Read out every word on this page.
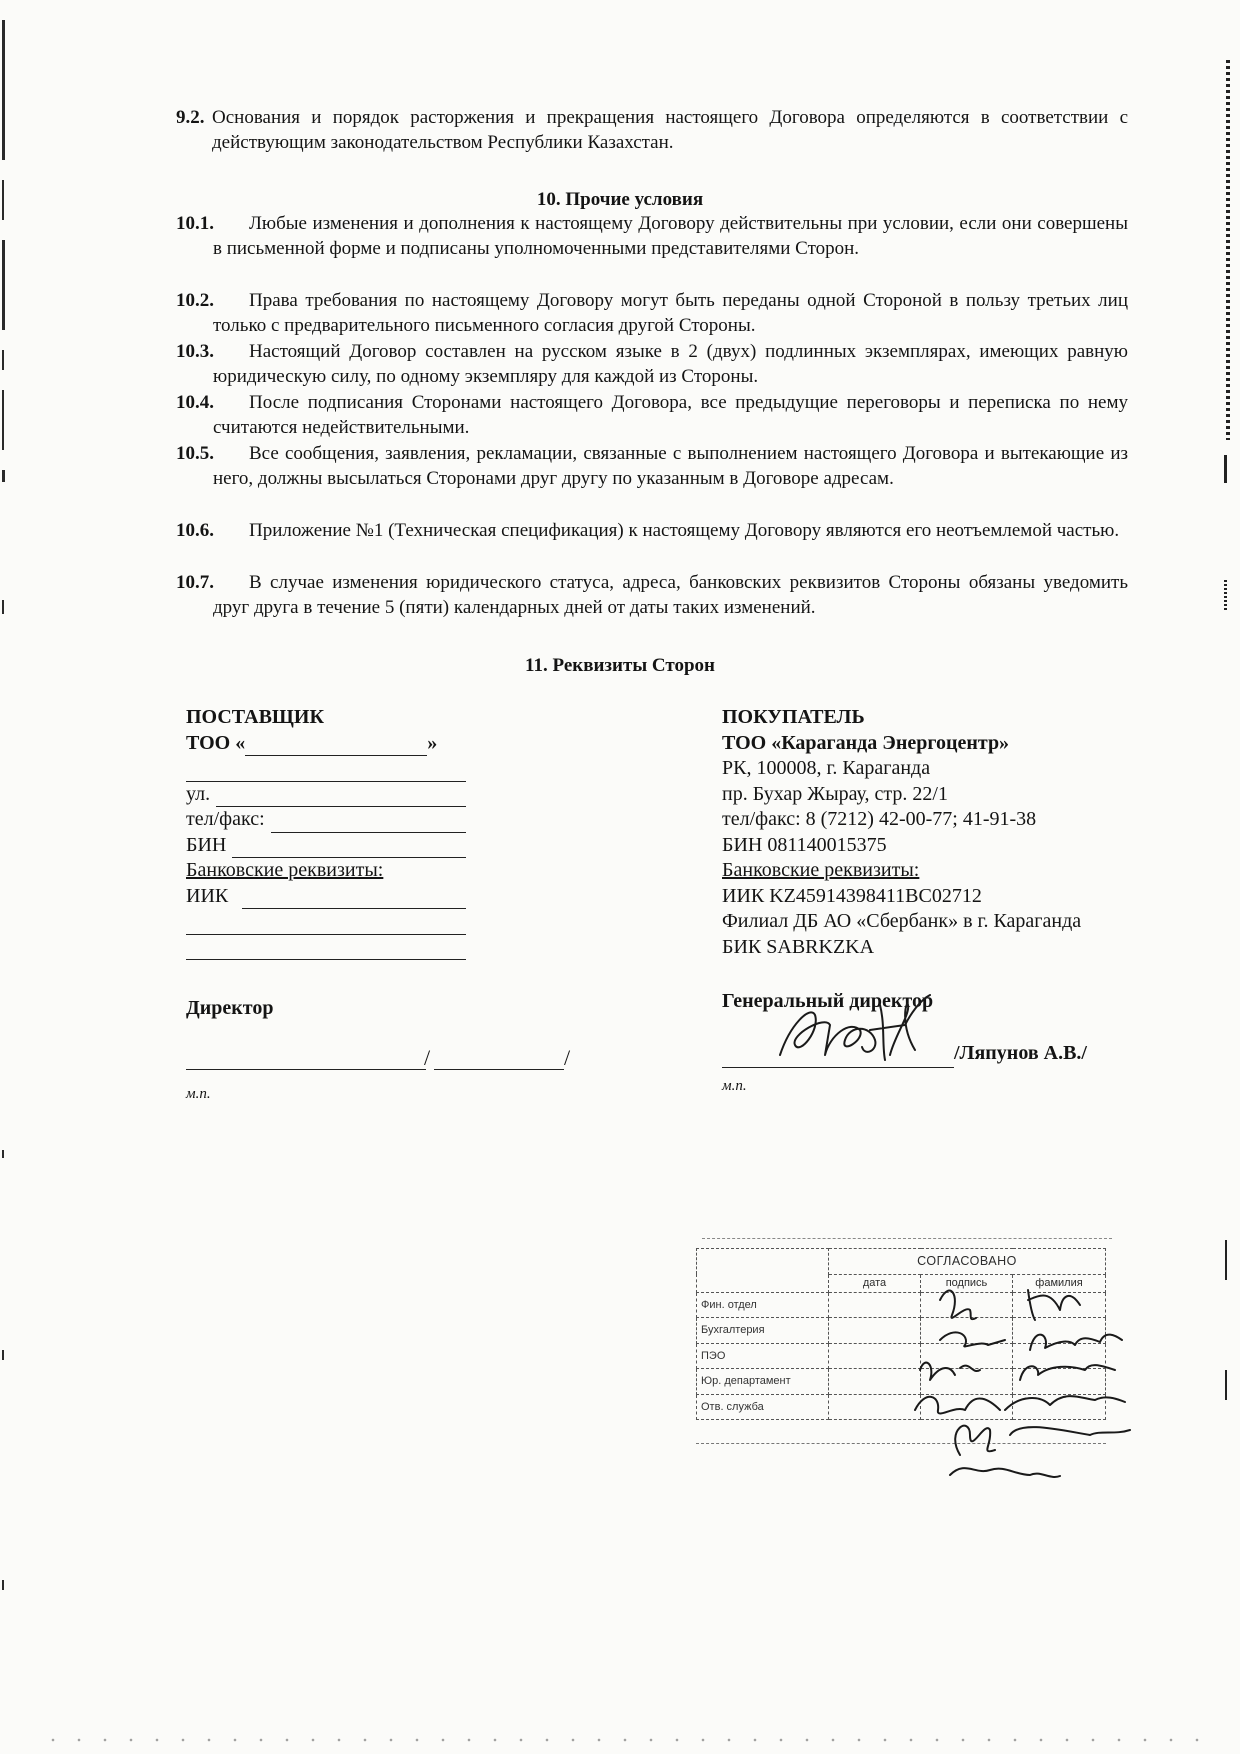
9.2. Основания и порядок расторжения и прекращения настоящего Договора определяются в соответствии с действующим законодательством Республики Казахстан.
10. Прочие условия
10.1.	Любые изменения и дополнения к настоящему Договору действительны при условии, если они совершены в письменной форме и подписаны уполномоченными представителями Сторон.
10.2.	Права требования по настоящему Договору могут быть переданы одной Стороной в пользу третьих лиц только с предварительного письменного согласия другой Стороны.
10.3.	Настоящий Договор составлен на русском языке в 2 (двух) подлинных экземплярах, имеющих равную юридическую силу, по одному экземпляру для каждой из Стороны.
10.4.	После подписания Сторонами настоящего Договора, все предыдущие переговоры и переписка по нему считаются недействительными.
10.5.	Все сообщения, заявления, рекламации, связанные с выполнением настоящего Договора и вытекающие из него, должны высылаться Сторонами друг другу по указанным в Договоре адресам.
10.6.	Приложение №1 (Техническая спецификация) к настоящему Договору являются его неотъемлемой частью.
10.7.	В случае изменения юридического статуса, адреса, банковских реквизитов Стороны обязаны уведомить друг друга в течение 5 (пяти) календарных дней от даты таких изменений.
11. Реквизиты Сторон
ПОСТАВЩИК
ТОО «	»
ул.
тел/факс:
БИН
Банковские реквизиты:
ИИК
Директор
/	/
м.п.
ПОКУПАТЕЛЬ
ТОО «Караганда Энергоцентр»
РК, 100008, г. Караганда
пр. Бухар Жырау, стр. 22/1
тел/факс: 8 (7212) 42-00-77; 41-91-38
БИН 081140015375
Банковские реквизиты:
ИИК KZ45914398411BC02712
Филиал ДБ АО «Сбербанк» в г. Караганда
БИК SABRKZKA
Генеральный директор
/Ляпунов А.В./
м.п.
	СОГЛАСОВАНО		
	дата	подпись	фамилия
Фин. отдел			
Бухгалтерия			
ПЭО			
Юр. департамент			
Отв. служба			
